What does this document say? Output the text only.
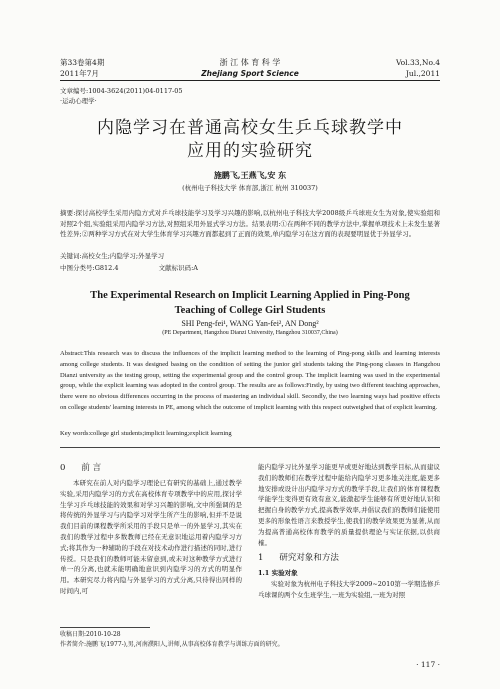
第33卷第4期
2011年7月
浙 江 体 育 科 学
Zhejiang Sport Science
Vol.33,No.4
Jul.,2011
文章编号:1004-3624(2011)04-0117-05
·运动心理学·
内隐学习在普通高校女生乒乓球教学中
应用的实验研究
施鹏飞,王燕飞,安 东
(杭州电子科技大学 体育部,浙江 杭州 310037)
摘要:探讨高校学生采用内隐方式对乒乓球技能学习及学习兴趣的影响,以杭州电子科技大学2008级乒乓球班女生为对象,使实验组和对照2个组,实验组采用内隐学习方法,对照组采用外显式学习方法。结果表明:①在两种不同的教学方法中,掌握单项技术上未发生显著性差异;②两种学习方式在对大学生体育学习兴趣方面都起到了正面的效果,单内隐学习在这方面的表现要明显优于外显学习。
关键词:高校女生;内隐学习;外显学习
中图分类号:G812.4	文献标识码:A
The Experimental Research on Implicit Learning Applied in Ping-Pong
Teaching of College Girl Students
SHI Peng-fei¹, WANG Yan-fei², AN Dong²
(PE Department, Hangzhou Dianzi University, Hangzhou 310037,China)
Abstract:This research was to discuss the influences of the implicit learning method to the learning of Ping-pong skills and learning interests among college students. It was designed basing on the condition of setting the junior girl students taking the Ping-pong classes in Hangzhou Dianzi university as the testing group, setting the experimental group and the control group. The implicit learning was used in the experimental group, while the explicit learning was adopted in the control group. The results are as follows:Firstly, by using two different teaching approaches, there were no obvious differences occurring in the process of mastering an individual skill. Secondly, the two learning ways had positive effects on college students' learning interests in PE, among which the outcome of implicit learning with this respect outweighed that of explicit learning.
Key words:college girl students;implicit learning;explicit learning
0 前 言

本研究在前人对内隐学习理论已有研究的基础上,通过教学实验,采用内隐学习的方式在高校体育专项教学中的应用,探讨学生学习乒乓球技能的效果和对学习兴趣的影响,文中所强调的是将传统的外显学习与内隐学习对学生所产生的影响,但并不是说我们目前的课程教学所采用的手段只是单一的外显学习,其实在我们的教学过程中多数教师已经在无意识地运用着内隐学习方式;将其作为一种辅助的手段在对技术动作进行描述的同时,进行传授。只是我们的教师可能未留意到,或未对这种教学方式进行单一的分离,也就未能明确地意识到内隐学习的方式的明显作用。本研究尽力将内隐与外显学习的方式分离,只待得出同样的时间内,可

能内隐学习比外显学习能更早或更好地达到教学目标,从而建议我们的教师们在教学过程中能给内隐学习更多地关注度,能更多地安排或设计出内隐学习方式的教学手段,让我们的体育课程教学能学生变得更有效有意义,能激起学生能够有所更好地认识和把握自身的教学方式,提高教学效率,并倡议我们的教师们能使用更多的形象性语言来教授学生,使我们的教学效果更为显著,从而为提高普通高校体育教学的质量提供理论与实证依据,以供商榷。

1 研究对象和方法
1.1 实验对象

实验对象为杭州电子科技大学2009~2010第一学期选修乒乓球课的两个女生班学生,一班为实验组,一班为对照

收稿日期:2010-10-28
作者简介:施鹏飞(1977-),男,河南濮阳人,讲师,从事高校体育教学与训练方面的研究。
· 117 ·
